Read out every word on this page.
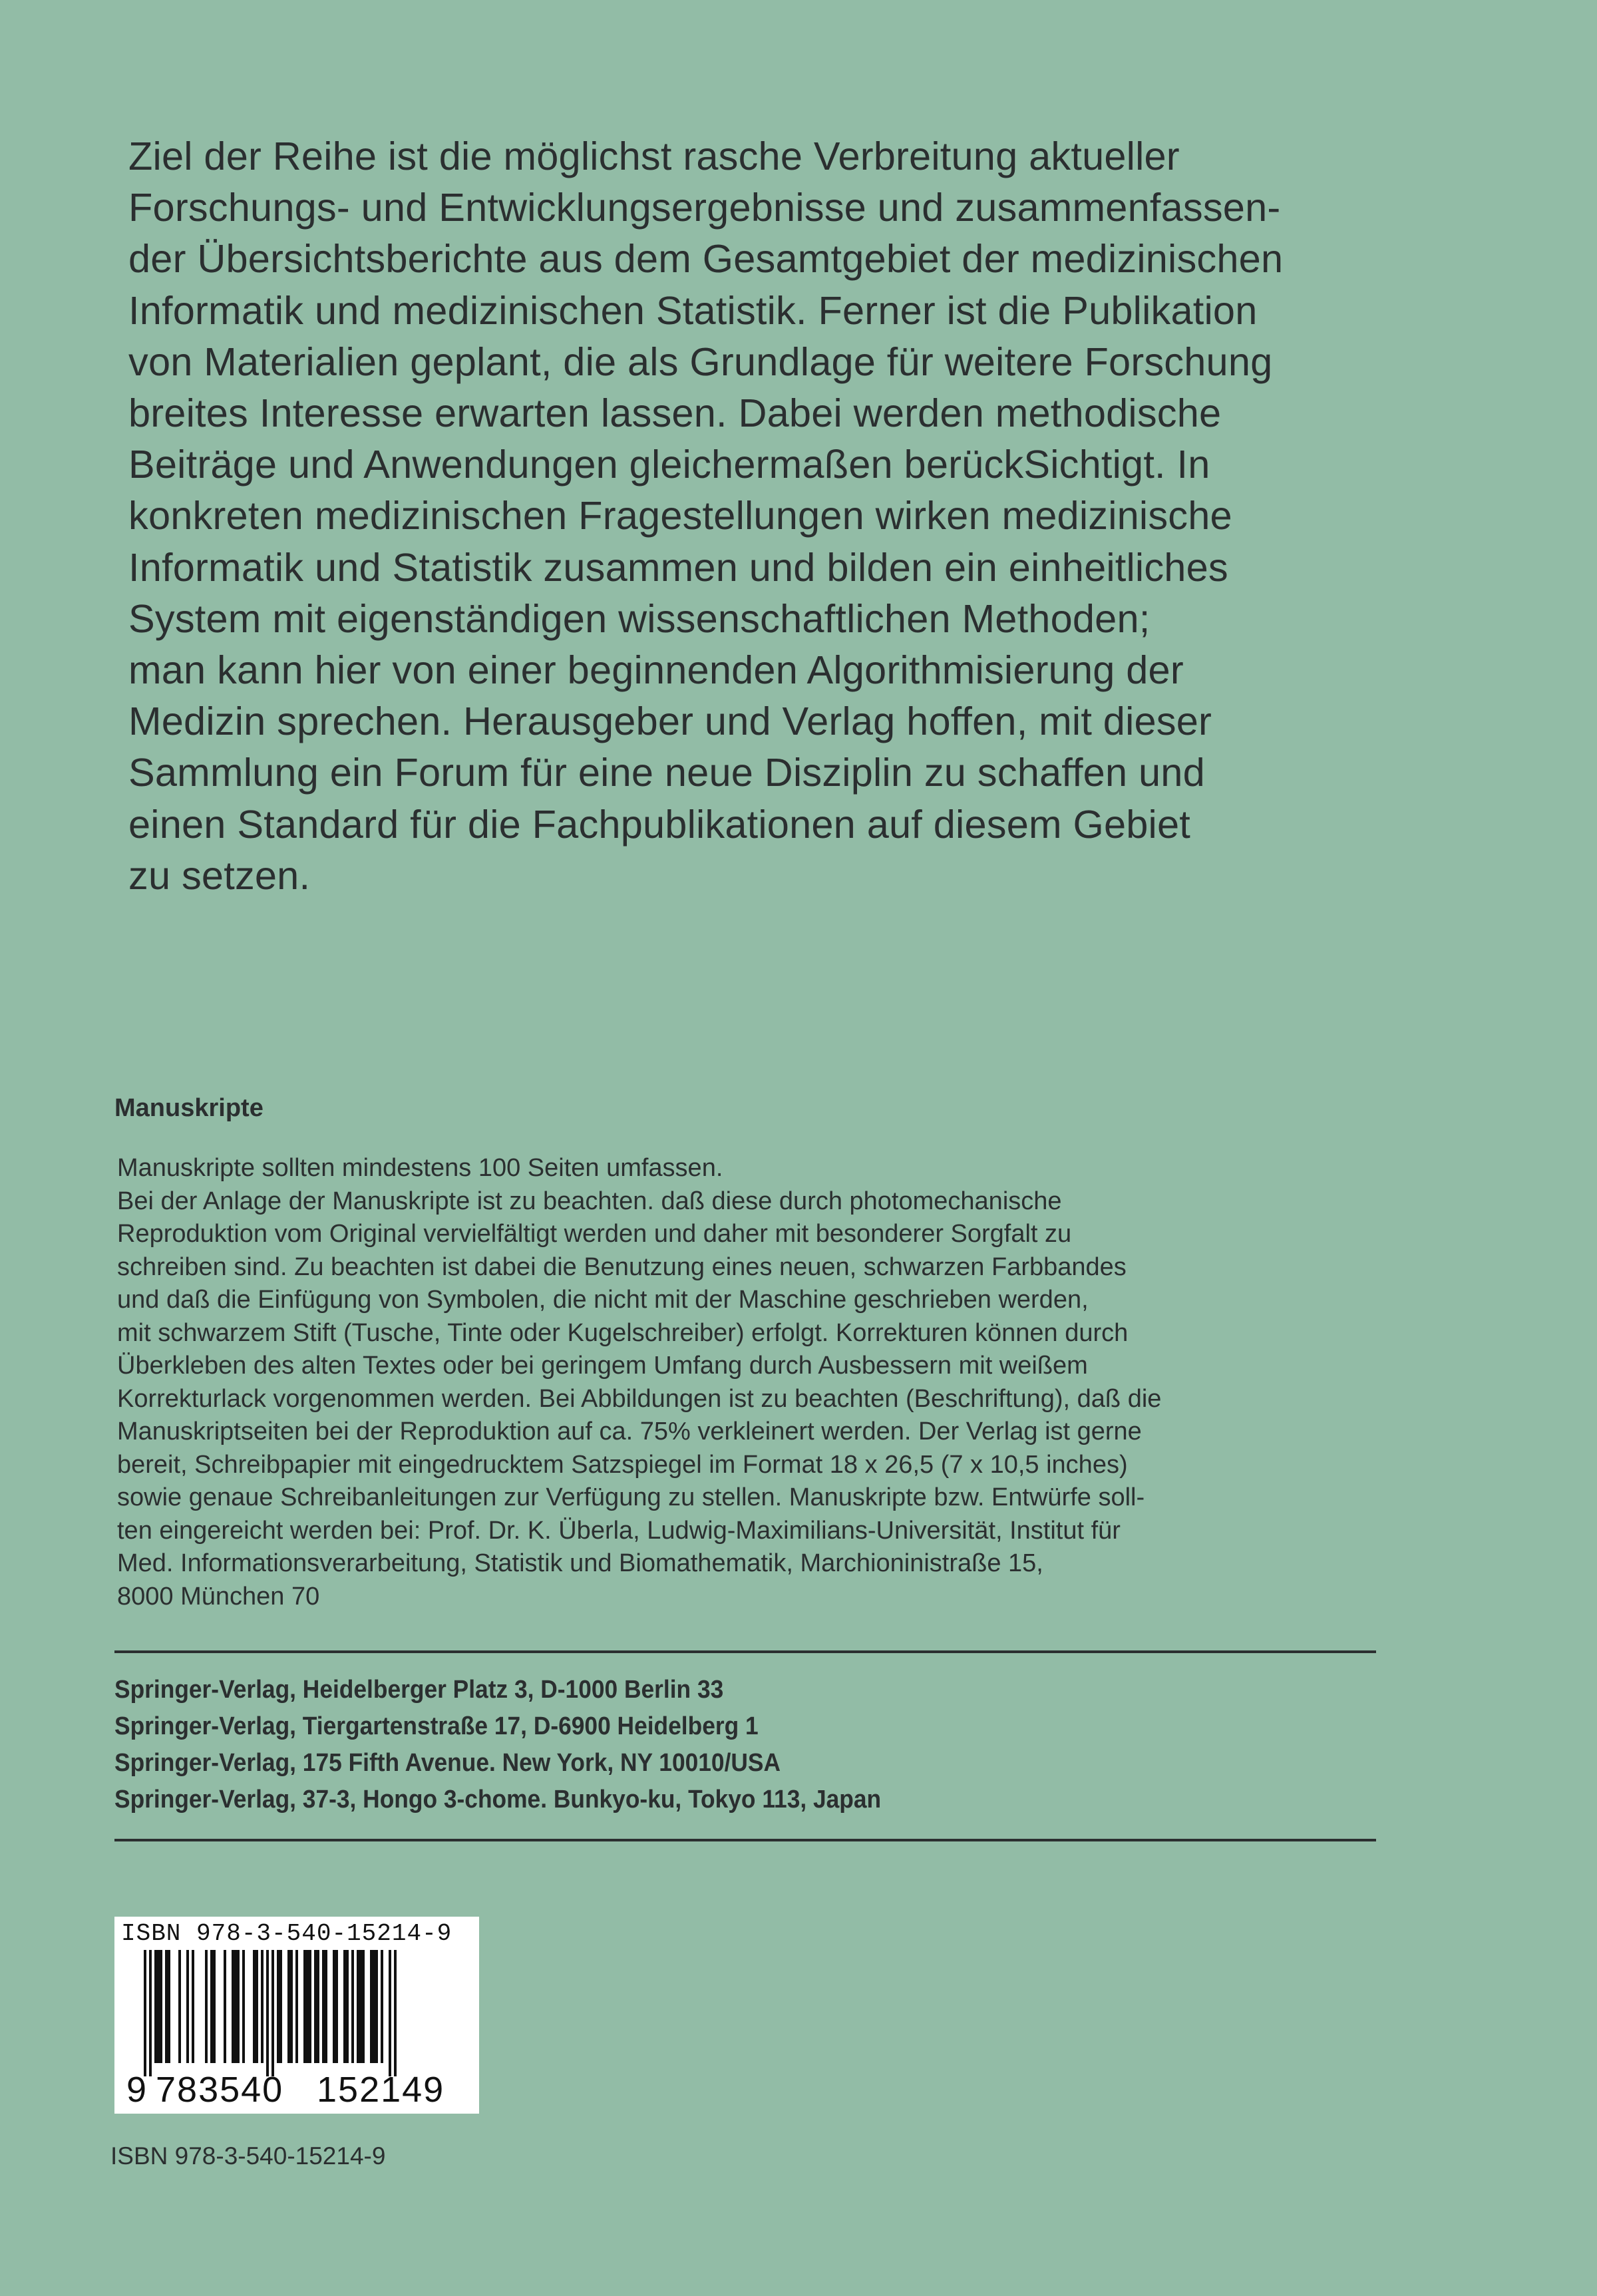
Ziel der Reihe ist die möglichst rasche Verbreitung aktueller
Forschungs- und Entwicklungsergebnisse und zusammenfassen-
der Übersichtsberichte aus dem Gesamtgebiet der medizinischen
Informatik und medizinischen Statistik. Ferner ist die Publikation
von Materialien geplant, die als Grundlage für weitere Forschung
breites Interesse erwarten lassen. Dabei werden methodische
Beiträge und Anwendungen gleichermaßen berückSichtigt. In
konkreten medizinischen Fragestellungen wirken medizinische
Informatik und Statistik zusammen und bilden ein einheitliches
System mit eigenständigen wissenschaftlichen Methoden;
man kann hier von einer beginnenden Algorithmisierung der
Medizin sprechen. Herausgeber und Verlag hoffen, mit dieser
Sammlung ein Forum für eine neue Disziplin zu schaffen und
einen Standard für die Fachpublikationen auf diesem Gebiet
zu setzen.
Manuskripte
Manuskripte sollten mindestens 100 Seiten umfassen.
Bei der Anlage der Manuskripte ist zu beachten. daß diese durch photomechanische
Reproduktion vom Original vervielfältigt werden und daher mit besonderer Sorgfalt zu
schreiben sind. Zu beachten ist dabei die Benutzung eines neuen, schwarzen Farbbandes
und daß die Einfügung von Symbolen, die nicht mit der Maschine geschrieben werden,
mit schwarzem Stift (Tusche, Tinte oder Kugelschreiber) erfolgt. Korrekturen können durch
Überkleben des alten Textes oder bei geringem Umfang durch Ausbessern mit weißem
Korrekturlack vorgenommen werden. Bei Abbildungen ist zu beachten (Beschriftung), daß die
Manuskriptseiten bei der Reproduktion auf ca. 75% verkleinert werden. Der Verlag ist gerne
bereit, Schreibpapier mit eingedrucktem Satzspiegel im Format 18 x 26,5 (7 x 10,5 inches)
sowie genaue Schreibanleitungen zur Verfügung zu stellen. Manuskripte bzw. Entwürfe soll-
ten eingereicht werden bei: Prof. Dr. K. Überla, Ludwig-Maximilians-Universität, Institut für
Med. Informationsverarbeitung, Statistik und Biomathematik, Marchioninistraße 15,
8000 München 70
Springer-Verlag, Heidelberger Platz 3, D-1000 Berlin 33
Springer-Verlag, Tiergartenstraße 17, D-6900 Heidelberg 1
Springer-Verlag, 175 Fifth Avenue. New York, NY 10010/USA
Springer-Verlag, 37-3, Hongo 3-chome. Bunkyo-ku, Tokyo 113, Japan
ISBN 978-3-540-15214-9
9 783540 152149
ISBN 978-3-540-15214-9
